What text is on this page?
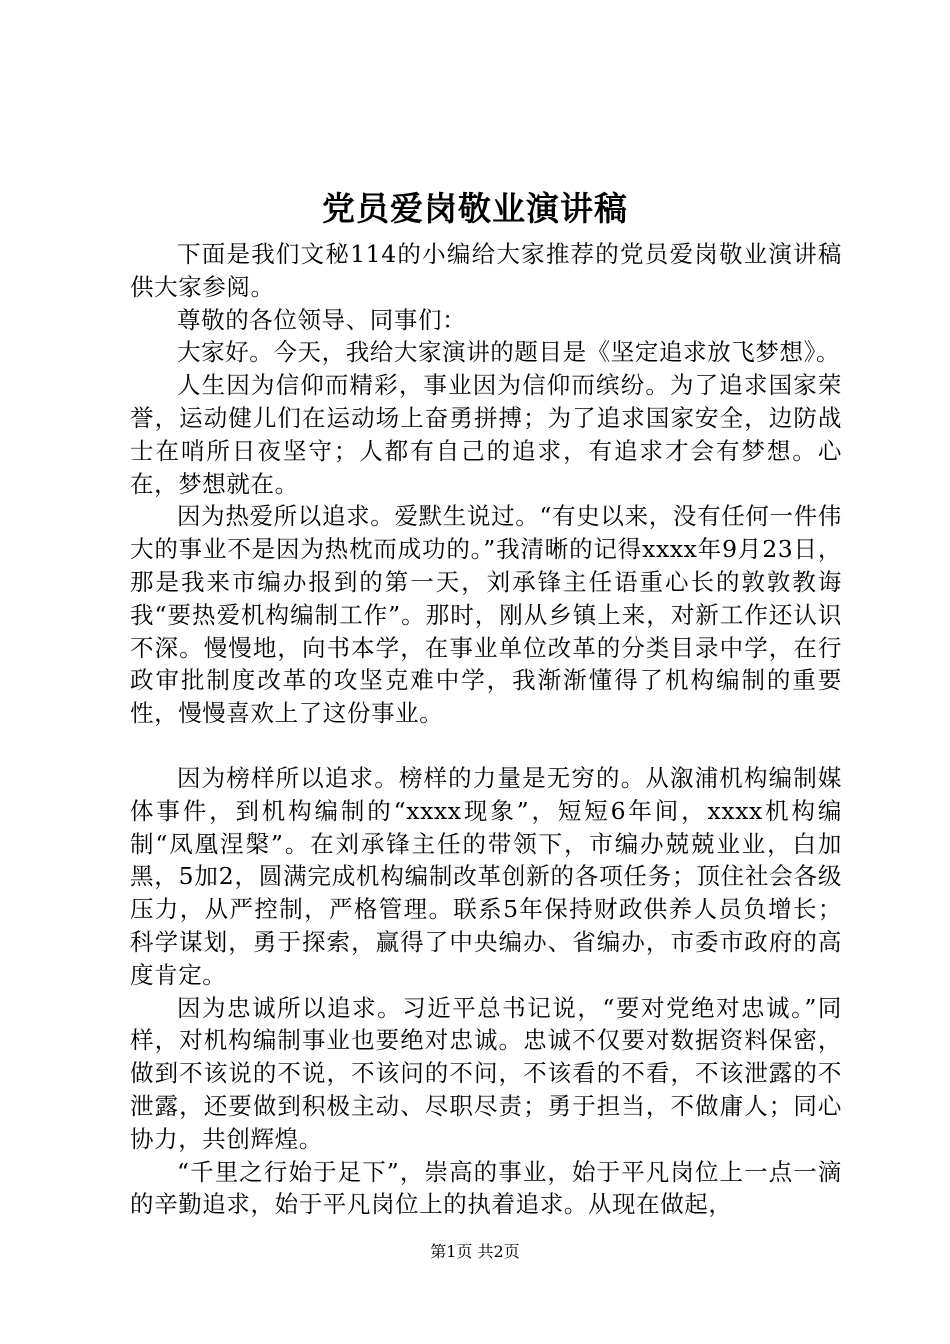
党员爱岗敬业演讲稿

下面是我们文秘114的小编给大家推荐的党员爱岗敬业演讲稿供大家参阅。

尊敬的各位领导、同事们：

大家好。今天，我给大家演讲的题目是《坚定追求放飞梦想》。

人生因为信仰而精彩，事业因为信仰而缤纷。为了追求国家荣誉，运动健儿们在运动场上奋勇拼搏；为了追求国家安全，边防战士在哨所日夜坚守；人都有自己的追求，有追求才会有梦想。心在，梦想就在。

因为热爱所以追求。爱默生说过。“有史以来，没有任何一件伟大的事业不是因为热枕而成功的。”我清晰的记得xxxx年9月23日，那是我来市编办报到的第一天，刘承锋主任语重心长的敦敦教诲我“要热爱机构编制工作”。那时，刚从乡镇上来，对新工作还认识不深。慢慢地，向书本学，在事业单位改革的分类目录中学，在行政审批制度改革的攻坚克难中学，我渐渐懂得了机构编制的重要性，慢慢喜欢上了这份事业。

因为榜样所以追求。榜样的力量是无穷的。从溆浦机构编制媒体事件，到机构编制的“xxxx现象”，短短6年间，xxxx机构编制“凤凰涅槃”。在刘承锋主任的带领下，市编办兢兢业业，白加黑，5加2，圆满完成机构编制改革创新的各项任务；顶住社会各级压力，从严控制，严格管理。联系5年保持财政供养人员负增长；科学谋划，勇于探索，赢得了中央编办、省编办，市委市政府的高度肯定。

因为忠诚所以追求。习近平总书记说，“要对党绝对忠诚。”同样，对机构编制事业也要绝对忠诚。忠诚不仅要对数据资料保密，做到不该说的不说，不该问的不问，不该看的不看，不该泄露的不泄露，还要做到积极主动、尽职尽责；勇于担当，不做庸人；同心协力，共创辉煌。

“千里之行始于足下”，崇高的事业，始于平凡岗位上一点一滴的辛勤追求，始于平凡岗位上的执着追求。从现在做起，

第1页 共2页
